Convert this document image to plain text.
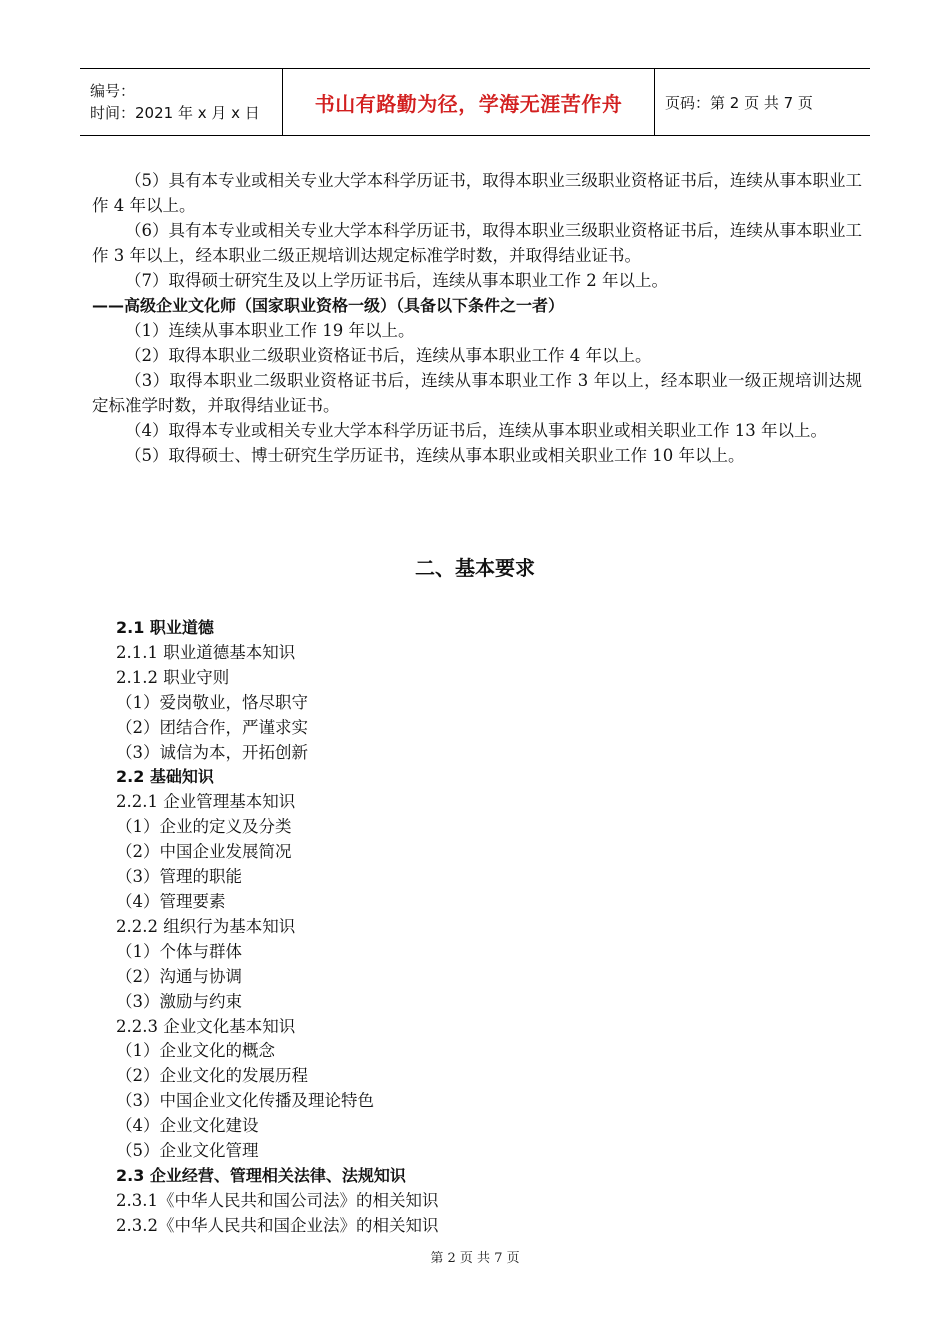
编号：
时间：2021 年 x 月 x 日	书山有路勤为径，学海无涯苦作舟	页码：第 2 页 共 7 页

（5）具有本专业或相关专业大学本科学历证书，取得本职业三级职业资格证书后，连续从事本职业工作 4 年以上。

（6）具有本专业或相关专业大学本科学历证书，取得本职业三级职业资格证书后，连续从事本职业工作 3 年以上，经本职业二级正规培训达规定标准学时数，并取得结业证书。

（7）取得硕士研究生及以上学历证书后，连续从事本职业工作 2 年以上。

——高级企业文化师（国家职业资格一级）（具备以下条件之一者）

（1）连续从事本职业工作 19 年以上。

（2）取得本职业二级职业资格证书后，连续从事本职业工作 4 年以上。

（3）取得本职业二级职业资格证书后，连续从事本职业工作 3 年以上，经本职业一级正规培训达规定标准学时数，并取得结业证书。

（4）取得本专业或相关专业大学本科学历证书后，连续从事本职业或相关职业工作 13 年以上。

（5）取得硕士、博士研究生学历证书，连续从事本职业或相关职业工作 10 年以上。

二、基本要求
2.1 职业道德
2.1.1 职业道德基本知识
2.1.2 职业守则
（1）爱岗敬业，恪尽职守
（2）团结合作，严谨求实
（3）诚信为本，开拓创新
2.2 基础知识
2.2.1 企业管理基本知识
（1）企业的定义及分类
（2）中国企业发展简况
（3）管理的职能
（4）管理要素
2.2.2 组织行为基本知识
（1）个体与群体
（2）沟通与协调
（3）激励与约束
2.2.3 企业文化基本知识
（1）企业文化的概念
（2）企业文化的发展历程
（3）中国企业文化传播及理论特色
（4）企业文化建设
（5）企业文化管理
2.3 企业经营、管理相关法律、法规知识
2.3.1《中华人民共和国公司法》的相关知识
2.3.2《中华人民共和国企业法》的相关知识
第 2 页 共 7 页
